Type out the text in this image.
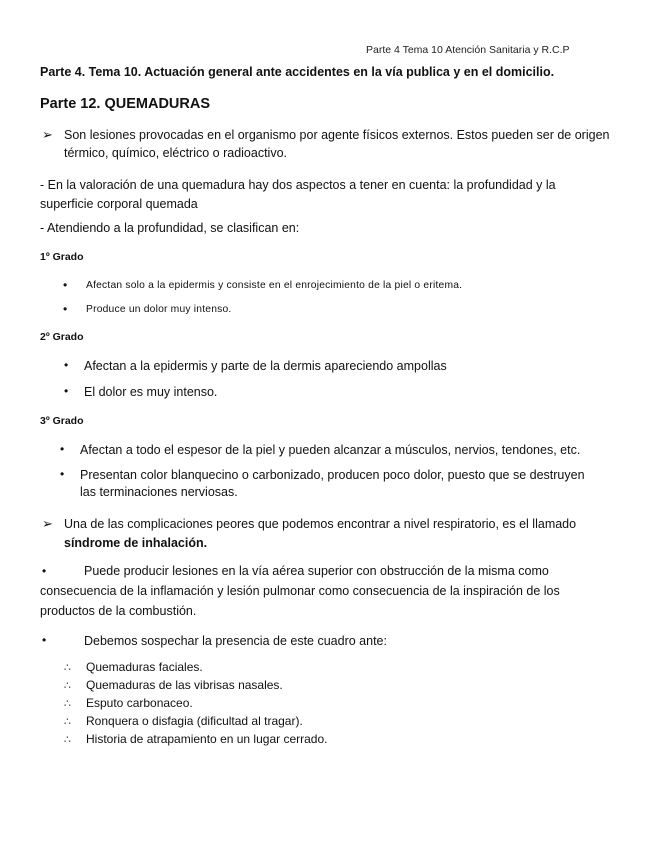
Parte 4 Tema 10 Atención Sanitaria y R.C.P
Parte 4. Tema 10. Actuación general ante accidentes en la vía publica y en el domicilio.
Parte 12. QUEMADURAS
➢ Son lesiones provocadas en el organismo por agente físicos externos. Estos pueden ser de origen
térmico, químico, eléctrico o radioactivo.
- En la valoración de una quemadura hay dos aspectos a tener en cuenta: la profundidad y la
superficie corporal quemada
- Atendiendo a la profundidad, se clasifican en:
1º Grado
• Afectan solo a la epidermis y consiste en el enrojecimiento de la piel o eritema.
• Produce un dolor muy intenso.
2º Grado
• Afectan a la epidermis y parte de la dermis apareciendo ampollas
• El dolor es muy intenso.
3º Grado
• Afectan a todo el espesor de la piel y pueden alcanzar a músculos, nervios, tendones, etc.
• Presentan color blanquecino o carbonizado, producen poco dolor, puesto que se destruyen
las terminaciones nerviosas.
➢ Una de las complicaciones peores que podemos encontrar a nivel respiratorio, es el llamado
síndrome de inhalación.
•	Puede producir lesiones en la vía aérea superior con obstrucción de la misma como
consecuencia de la inflamación y lesión pulmonar como consecuencia de la inspiración de los
productos de la combustión.
•	Debemos sospechar la presencia de este cuadro ante:
∴ Quemaduras faciales.
∴ Quemaduras de las vibrisas nasales.
∴ Esputo carbonaceo.
∴ Ronquera o disfagia (dificultad al tragar).
∴ Historia de atrapamiento en un lugar cerrado.
